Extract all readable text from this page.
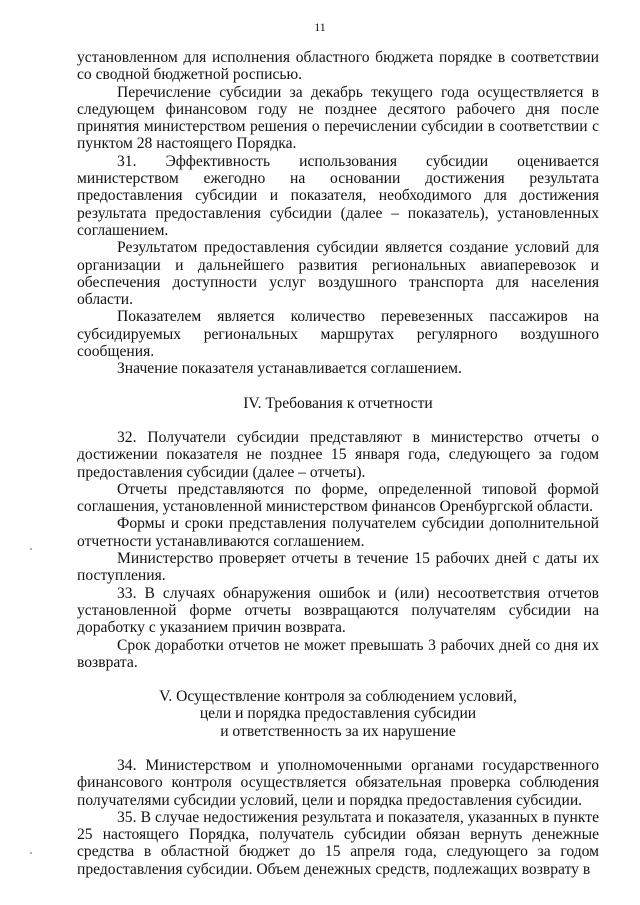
11

установленном для исполнения областного бюджета порядке в соответствии со сводной бюджетной росписью.

Перечисление субсидии за декабрь текущего года осуществляется в следующем финансовом году не позднее десятого рабочего дня после принятия министерством решения о перечислении субсидии в соответствии с пунктом 28 настоящего Порядка.

31. Эффективность использования субсидии оценивается министерством ежегодно на основании достижения результата предоставления субсидии и показателя, необходимого для достижения результата предоставления субсидии (далее – показатель), установленных соглашением.

Результатом предоставления субсидии является создание условий для организации и дальнейшего развития региональных авиаперевозок и обеспечения доступности услуг воздушного транспорта для населения области.

Показателем является количество перевезенных пассажиров на субсидируемых региональных маршрутах регулярного воздушного сообщения.

Значение показателя устанавливается соглашением.

IV. Требования к отчетности

32. Получатели субсидии представляют в министерство отчеты о достижении показателя не позднее 15 января года, следующего за годом предоставления субсидии (далее – отчеты).

Отчеты представляются по форме, определенной типовой формой соглашения, установленной министерством финансов Оренбургской области.

Формы и сроки представления получателем субсидии дополнительной отчетности устанавливаются соглашением.

Министерство проверяет отчеты в течение 15 рабочих дней с даты их поступления.

33. В случаях обнаружения ошибок и (или) несоответствия отчетов установленной форме отчеты возвращаются получателям субсидии на доработку с указанием причин возврата.

Срок доработки отчетов не может превышать 3 рабочих дней со дня их возврата.

V. Осуществление контроля за соблюдением условий,
цели и порядка предоставления субсидии
и ответственность за их нарушение

34. Министерством и уполномоченными органами государственного финансового контроля осуществляется обязательная проверка соблюдения получателями субсидии условий, цели и порядка предоставления субсидии.

35. В случае недостижения результата и показателя, указанных в пункте 25 настоящего Порядка, получатель субсидии обязан вернуть денежные средства в областной бюджет до 15 апреля года, следующего за годом предоставления субсидии. Объем денежных средств, подлежащих возврату в
